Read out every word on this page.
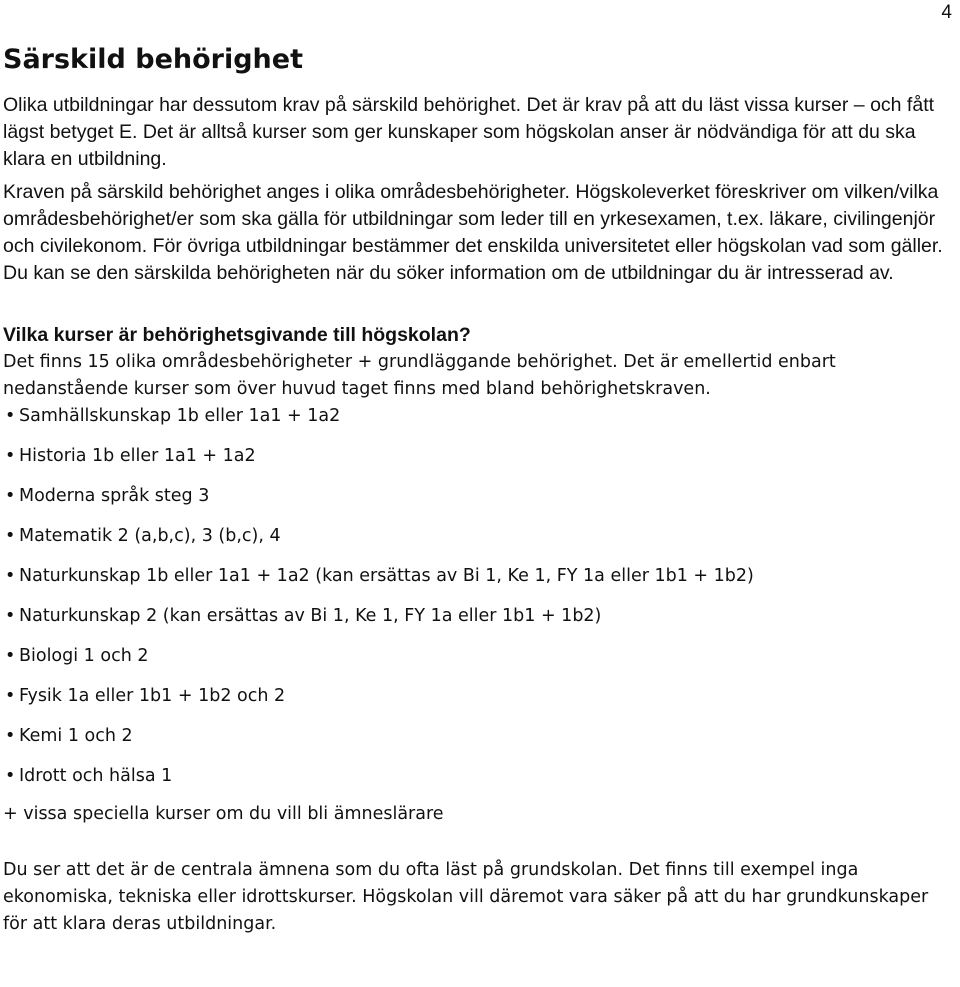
4
Särskild behörighet

Olika utbildningar har dessutom krav på särskild behörighet. Det är krav på att du läst vissa kurser – och fått lägst betyget E. Det är alltså kurser som ger kunskaper som högskolan anser är nödvändiga för att du ska klara en utbildning.

Kraven på särskild behörighet anges i olika områdesbehörigheter. Högskoleverket föreskriver om vilken/vilka områdesbehörighet/er som ska gälla för utbildningar som leder till en yrkesexamen, t.ex. läkare, civilingenjör och civilekonom. För övriga utbildningar bestämmer det enskilda universitetet eller högskolan vad som gäller. Du kan se den särskilda behörigheten när du söker information om de utbildningar du är intresserad av.

Vilka kurser är behörighetsgivande till högskolan?

Det finns 15 olika områdesbehörigheter + grundläggande behörighet. Det är emellertid enbart nedanstående kurser som över huvud taget finns med bland behörighetskraven.

• Samhällskunskap 1b eller 1a1 + 1a2
• Historia 1b eller 1a1 + 1a2
• Moderna språk steg 3
• Matematik 2 (a,b,c), 3 (b,c), 4
• Naturkunskap 1b eller 1a1 + 1a2 (kan ersättas av Bi 1, Ke 1, FY 1a eller 1b1 + 1b2)
• Naturkunskap 2 (kan ersättas av Bi 1, Ke 1, FY 1a eller 1b1 + 1b2)
• Biologi 1 och 2
• Fysik 1a eller 1b1 + 1b2 och 2
• Kemi 1 och 2
• Idrott och hälsa 1

+ vissa speciella kurser om du vill bli ämneslärare

Du ser att det är de centrala ämnena som du ofta läst på grundskolan. Det finns till exempel inga ekonomiska, tekniska eller idrottskurser. Högskolan vill däremot vara säker på att du har grundkunskaper för att klara deras utbildningar.
